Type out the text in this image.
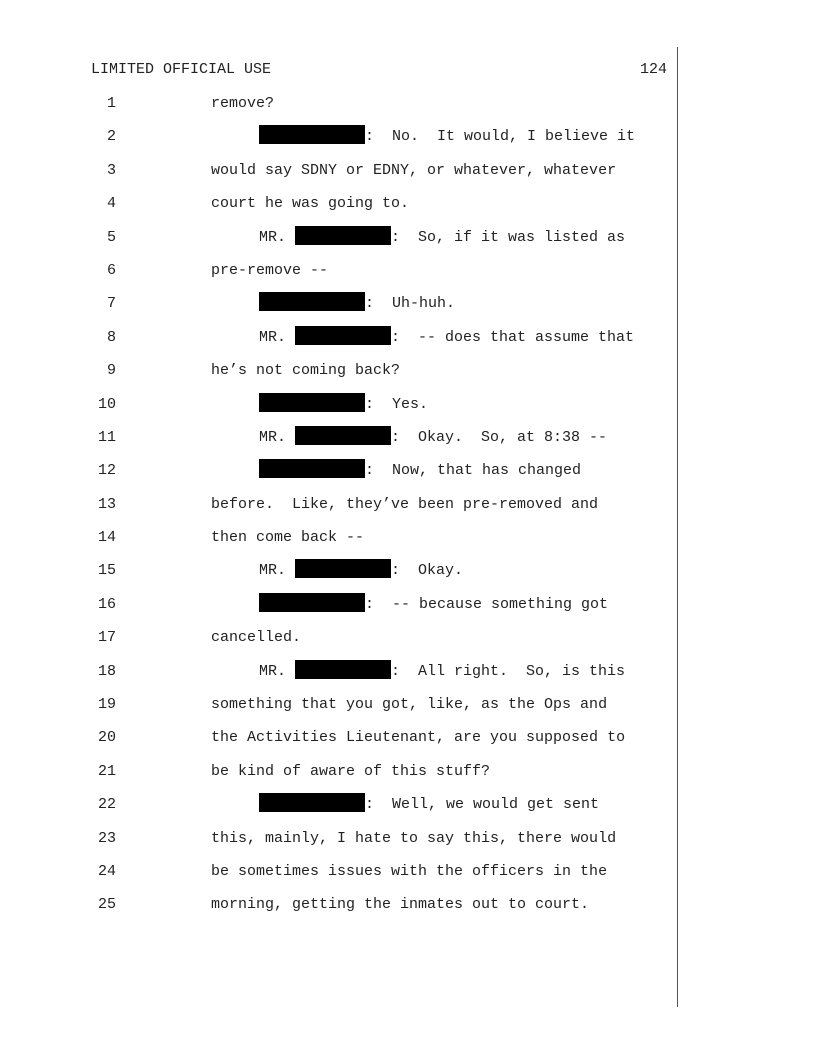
LIMITED OFFICIAL USE	124
1	remove?
2	:  No.  It would, I believe it
3	would say SDNY or EDNY, or whatever, whatever
4	court he was going to.
5	MR.	:  So, if it was listed as
6	pre-remove --
7	:  Uh-huh.
8	MR.	:  -- does that assume that
9	he’s not coming back?
10	:  Yes.
11	MR.	:  Okay.  So, at 8:38 --
12	:  Now, that has changed
13	before.  Like, they’ve been pre-removed and
14	then come back --
15	MR.	:  Okay.
16	:  -- because something got
17	cancelled.
18	MR.	:  All right.  So, is this
19	something that you got, like, as the Ops and
20	the Activities Lieutenant, are you supposed to
21	be kind of aware of this stuff?
22	:  Well, we would get sent
23	this, mainly, I hate to say this, there would
24	be sometimes issues with the officers in the
25	morning, getting the inmates out to court.
